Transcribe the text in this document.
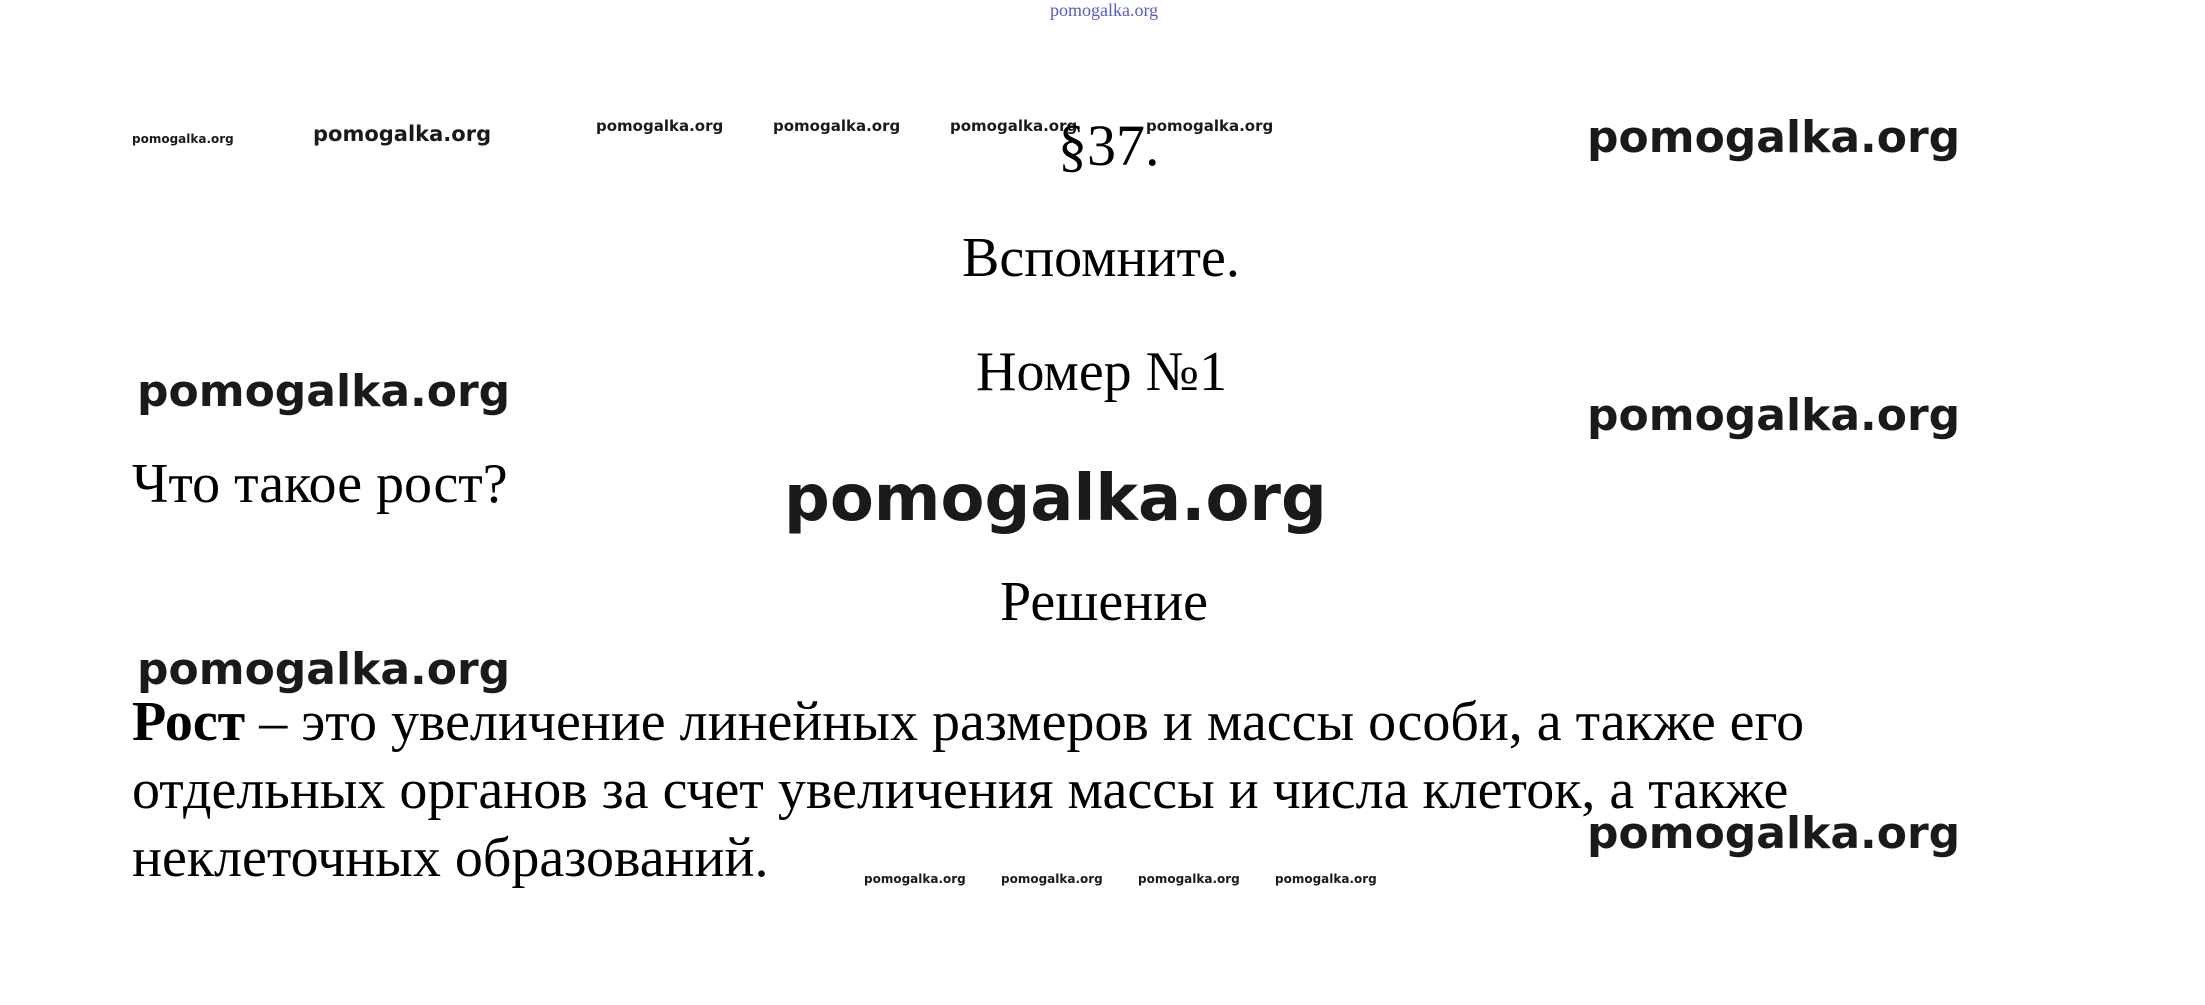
pomogalka.org
pomogalka.org	pomogalka.org	pomogalka.org	pomogalka.org	pomogalka.org	pomogalka.org	pomogalka.org
pomogalka.org
pomogalka.org
pomogalka.org
pomogalka.org
pomogalka.org
pomogalka.org	pomogalka.org	pomogalka.org	pomogalka.org
§37.
Вспомните.
Номер №1
Что такое рост?
Решение
Рост – это увеличение линейных размеров и массы особи, а также его
отдельных органов за счет увеличения массы и числа клеток, а также
неклеточных образований.
